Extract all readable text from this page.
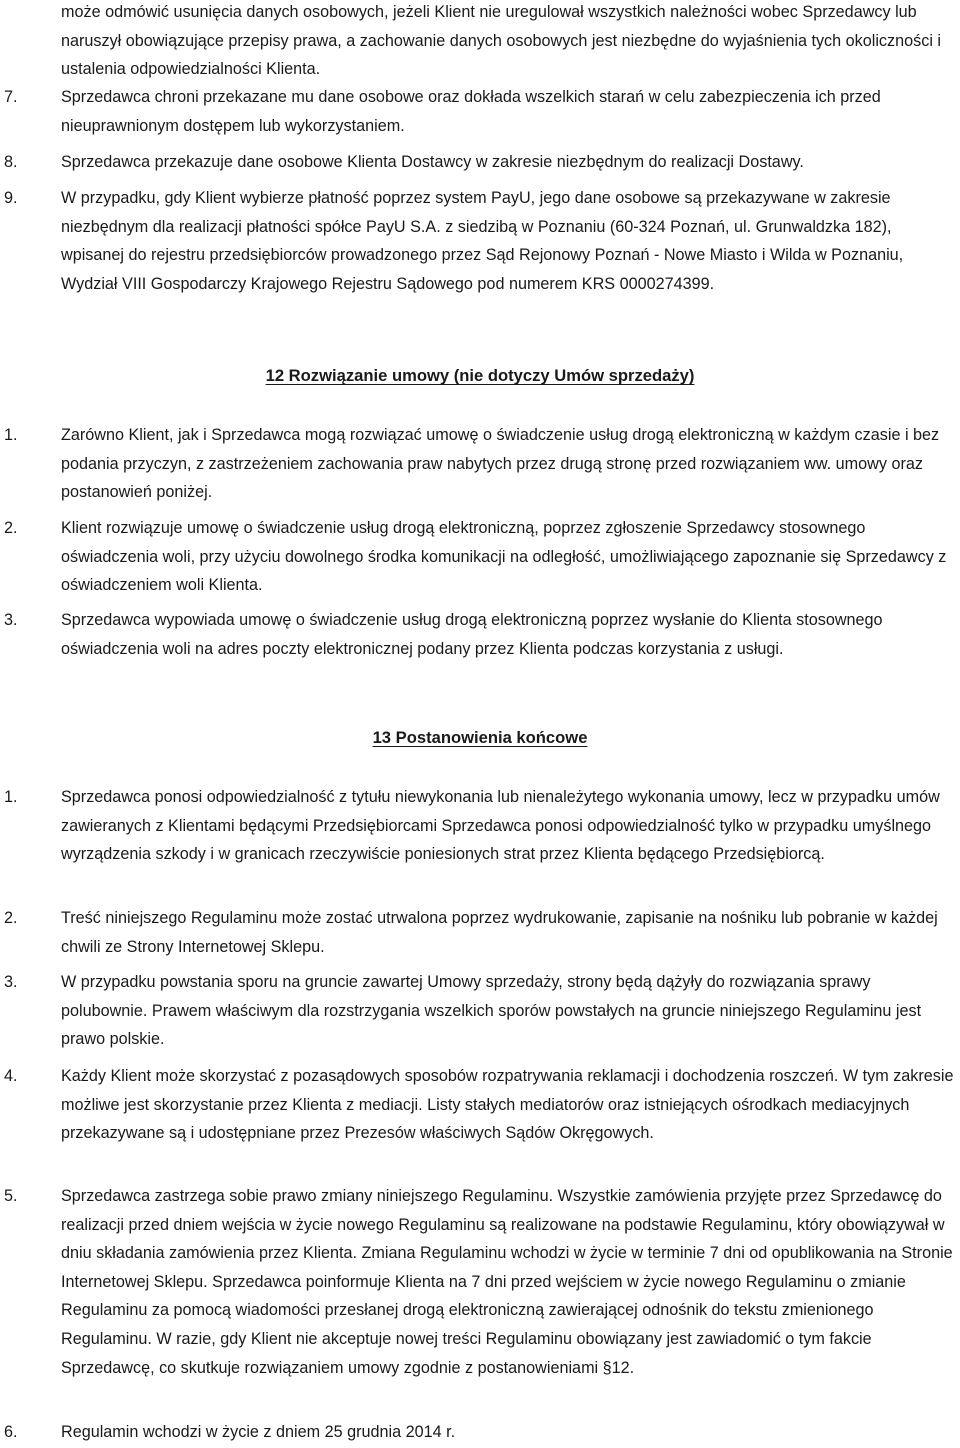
może odmówić usunięcia danych osobowych, jeżeli Klient nie uregulował wszystkich należności wobec Sprzedawcy lub naruszył obowiązujące przepisy prawa, a zachowanie danych osobowych jest niezbędne do wyjaśnienia tych okoliczności i ustalenia odpowiedzialności Klienta.
7.	Sprzedawca chroni przekazane mu dane osobowe oraz dokłada wszelkich starań w celu zabezpieczenia ich przed nieuprawnionym dostępem lub wykorzystaniem.
8.	Sprzedawca przekazuje dane osobowe Klienta Dostawcy w zakresie niezbędnym do realizacji Dostawy.
9.	W przypadku, gdy Klient wybierze płatność poprzez system PayU, jego dane osobowe są przekazywane w zakresie niezbędnym dla realizacji płatności spółce PayU S.A. z siedzibą w Poznaniu (60-324 Poznań, ul. Grunwaldzka 182), wpisanej do rejestru przedsiębiorców prowadzonego przez Sąd Rejonowy Poznań - Nowe Miasto i Wilda w Poznaniu, Wydział VIII Gospodarczy Krajowego Rejestru Sądowego pod numerem KRS 0000274399.
12 Rozwiązanie umowy (nie dotyczy Umów sprzedaży)
1.	Zarówno Klient, jak i Sprzedawca mogą rozwiązać umowę o świadczenie usług drogą elektroniczną w każdym czasie i bez podania przyczyn, z zastrzeżeniem zachowania praw nabytych przez drugą stronę przed rozwiązaniem ww. umowy oraz postanowień poniżej.
2.	Klient rozwiązuje umowę o świadczenie usług drogą elektroniczną, poprzez zgłoszenie Sprzedawcy stosownego oświadczenia woli, przy użyciu dowolnego środka komunikacji na odległość, umożliwiającego zapoznanie się Sprzedawcy z oświadczeniem woli Klienta.
3.	Sprzedawca wypowiada umowę o świadczenie usług drogą elektroniczną poprzez wysłanie do Klienta stosownego oświadczenia woli na adres poczty elektronicznej podany przez Klienta podczas korzystania z usługi.
13 Postanowienia końcowe
1.	Sprzedawca ponosi odpowiedzialność z tytułu niewykonania lub nienależytego wykonania umowy, lecz w przypadku umów zawieranych z Klientami będącymi Przedsiębiorcami Sprzedawca ponosi odpowiedzialność tylko w przypadku umyślnego wyrządzenia szkody i w granicach rzeczywiście poniesionych strat przez Klienta będącego Przedsiębiorcą.
2.	Treść niniejszego Regulaminu może zostać utrwalona poprzez wydrukowanie, zapisanie na nośniku lub pobranie w każdej chwili ze Strony Internetowej Sklepu.
3.	W przypadku powstania sporu na gruncie zawartej Umowy sprzedaży, strony będą dążyły do rozwiązania sprawy polubownie. Prawem właściwym dla rozstrzygania wszelkich sporów powstałych na gruncie niniejszego Regulaminu jest prawo polskie.
4.	Każdy Klient może skorzystać z pozasądowych sposobów rozpatrywania reklamacji i dochodzenia roszczeń. W tym zakresie możliwe jest skorzystanie przez Klienta z mediacji. Listy stałych mediatorów oraz istniejących ośrodkach mediacyjnych przekazywane są i udostępniane przez Prezesów właściwych Sądów Okręgowych.
5.	Sprzedawca zastrzega sobie prawo zmiany niniejszego Regulaminu. Wszystkie zamówienia przyjęte przez Sprzedawcę do realizacji przed dniem wejścia w życie nowego Regulaminu są realizowane na podstawie Regulaminu, który obowiązywał w dniu składania zamówienia przez Klienta. Zmiana Regulaminu wchodzi w życie w terminie 7 dni od opublikowania na Stronie Internetowej Sklepu. Sprzedawca poinformuje Klienta na 7 dni przed wejściem w życie nowego Regulaminu o zmianie Regulaminu za pomocą wiadomości przesłanej drogą elektroniczną zawierającej odnośnik do tekstu zmienionego Regulaminu. W razie, gdy Klient nie akceptuje nowej treści Regulaminu obowiązany jest zawiadomić o tym fakcie Sprzedawcę, co skutkuje rozwiązaniem umowy zgodnie z postanowieniami §12.
6.	Regulamin wchodzi w życie z dniem 25 grudnia 2014 r.
